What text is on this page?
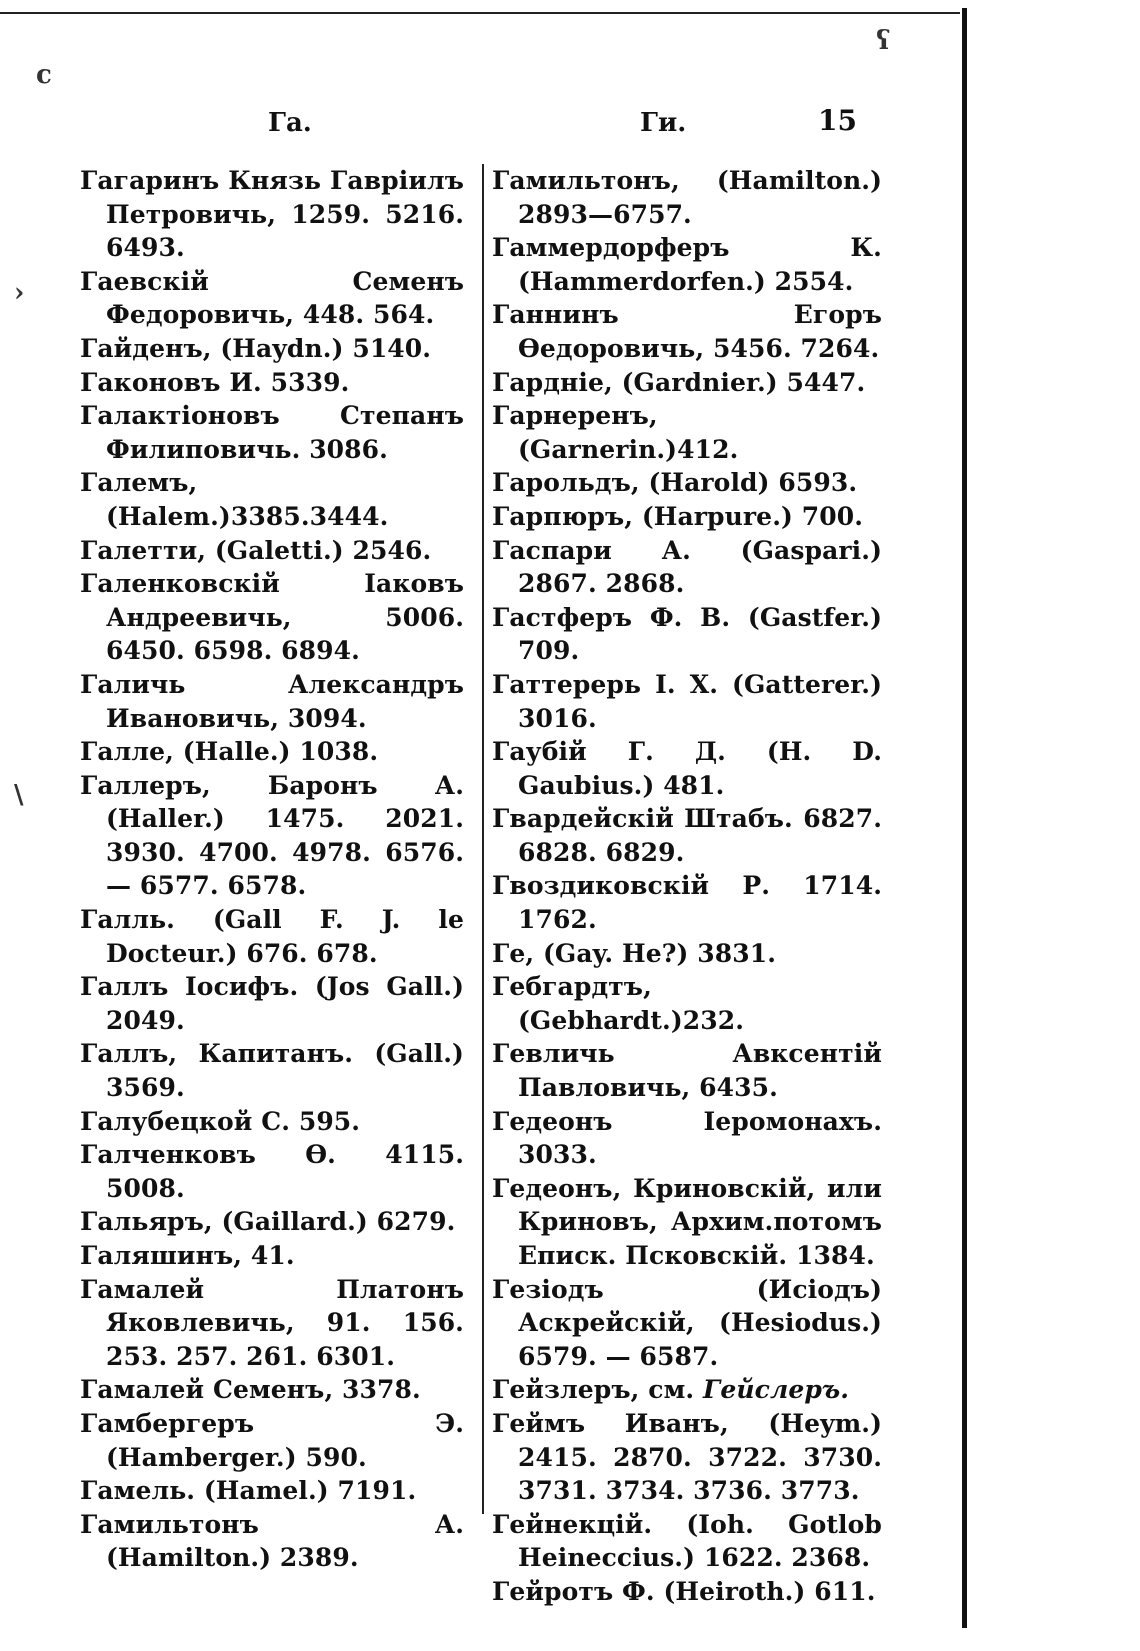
Га.	Ги.	15

Гагаринъ Князь Гавріилъ Петровичь, 1259. 5216. 6493.

Гаевскій Семенъ Федоровичь, 448. 564.

Гайденъ, (Haydn.) 5140.

Гаконовъ И. 5339.

Галактіоновъ Степанъ Филиповичь. 3086.

Галемъ,(Halem.)3385.3444.

Галетти, (Galetti.) 2546.

Галенковскій Іаковъ Андреевичь, 5006. 6450. 6598. 6894.

Галичь Александръ Ивановичь, 3094.

Галле, (Halle.) 1038.

Галлеръ, Баронъ А. (Haller.) 1475. 2021. 3930. 4700. 4978. 6576. — 6577. 6578.

Галль. (Gall F. J. le Docteur.) 676. 678.

Галлъ Іосифъ. (Jos Gall.) 2049.

Галлъ, Капитанъ. (Gall.) 3569.

Галубецкой С. 595.

Галченковъ Ѳ. 4115. 5008.

Гальяръ, (Gaillard.) 6279.

Галяшинъ, 41.

Гамалей Платонъ Яковлевичь, 91. 156. 253. 257. 261. 6301.

Гамалей Семенъ, 3378.

Гамбергеръ Э. (Hamberger.) 590.

Гамель. (Hamel.) 7191.

Гамильтонъ А. (Hamilton.) 2389.

Гамильтонъ, (Hamilton.) 2893—6757.

Гаммердорферъ К. (Hammerdorfen.) 2554.

Ганнинъ Егоръ Ѳедоровичь, 5456. 7264.

Гардніе, (Gardnier.) 5447.

Гарнеренъ, (Garnerin.)412.

Гарольдъ, (Harold) 6593.

Гарпюръ, (Harpure.) 700.

Гаспари А. (Gaspari.) 2867. 2868.

Гастферъ Ф. В. (Gastfer.) 709.

Гаттерерь І. Х. (Gatterer.) 3016.

Гаубій Г. Д. (H. D. Gaubius.) 481.

Гвардейскій Штабъ. 6827. 6828. 6829.

Гвоздиковскій Р. 1714. 1762.

Ге, (Gay. He?) 3831.

Гебгардтъ, (Gebhardt.)232.

Гевличь Авксентій Павловичь, 6435.

Гедеонъ Іеромонахъ. 3033.

Гедеонъ, Криновскій, или Криновъ, Архим.потомъ Еписк. Псковскій. 1384.

Гезіодъ (Исіодъ) Аскрейскій, (Hesiodus.) 6579. — 6587.

Гейзлеръ, см. Гейслеръ.

Геймъ Иванъ, (Heym.) 2415. 2870. 3722. 3730. 3731. 3734. 3736. 3773.

Гейнекцій. (Ioh. Gotlob Heineccius.) 1622. 2368.

Гейротъ Ф. (Heiroth.) 611.

ϲ
›
\
ʕ
